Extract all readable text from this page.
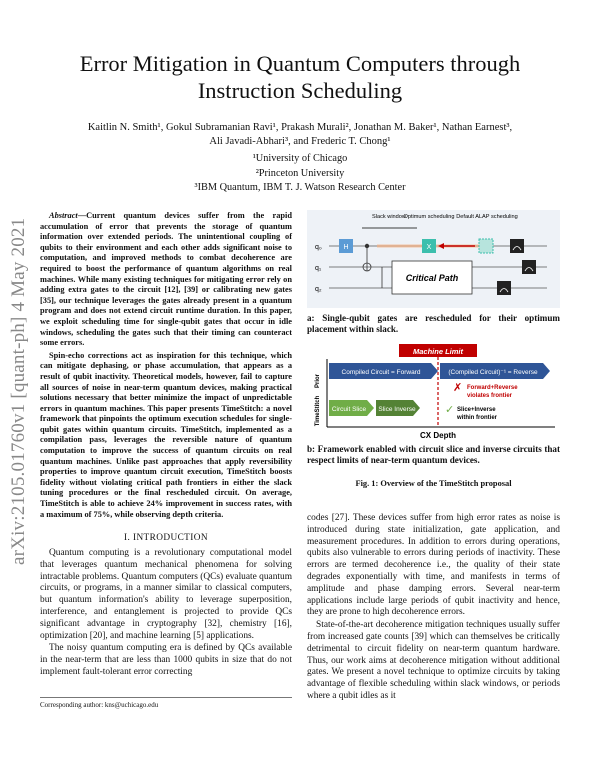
arXiv:2105.01760v1 [quant-ph] 4 May 2021
Error Mitigation in Quantum Computers through Instruction Scheduling
Kaitlin N. Smith¹, Gokul Subramanian Ravi¹, Prakash Murali², Jonathan M. Baker¹, Nathan Earnest³,
Ali Javadi-Abhari³, and Frederic T. Chong¹
¹University of Chicago
²Princeton University
³IBM Quantum, IBM T. J. Watson Research Center

Abstract—Current quantum devices suffer from the rapid accumulation of error that prevents the storage of quantum information over extended periods. The unintentional coupling of qubits to their environment and each other adds significant noise to computation, and improved methods to combat decoherence are required to boost the performance of quantum algorithms on real machines. While many existing techniques for mitigating error rely on adding extra gates to the circuit [12], [39] or calibrating new gates [35], our technique leverages the gates already present in a quantum program and does not extend circuit runtime duration. In this paper, we exploit scheduling time for single-qubit gates that occur in idle windows, scheduling the gates such that their timing can counteract some errors.

Spin-echo corrections act as inspiration for this technique, which can mitigate dephasing, or phase accumulation, that appears as a result of qubit inactivity. Theoretical models, however, fail to capture all sources of noise in near-term quantum devices, making practical solutions necessary that better minimize the impact of unpredictable errors in quantum machines. This paper presents TimeStitch: a novel framework that pinpoints the optimum execution schedules for single-qubit gates within quantum circuits. TimeStitch, implemented as a compilation pass, leverages the reversible nature of quantum computation to improve the success of quantum circuits on real quantum machines. Unlike past approaches that apply reversibility properties to improve quantum circuit execution, TimeStitch boosts fidelity without violating critical path frontiers in either the slack tuning procedures or the final rescheduled circuit. On average, TimeStitch is able to achieve 24% improvement in success rates, with a maximum of 75%, while observing depth criteria.

I. INTRODUCTION

Quantum computing is a revolutionary computational model that leverages quantum mechanical phenomena for solving intractable problems. Quantum computers (QCs) evaluate quantum circuits, or programs, in a manner similar to classical computers, but quantum information's ability to leverage superposition, interference, and entanglement is projected to provide QCs significant advantage in cryptography [32], chemistry [16], optimization [20], and machine learning [5] applications.

The noisy quantum computing era is defined by QCs available in the near-term that are less than 1000 qubits in size that do not implement fault-tolerant error correcting

Corresponding author: kns@uchicago.edu
Slack window
Optimum scheduling Default ALAP scheduling
q₀
q₁
q₂
H	X
Critical Path
a: Single-qubit gates are rescheduled for their optimum placement within slack.
Machine Limit
Prior
TimeStitch
Compiled Circuit = Forward	(Compiled Circuit)⁻¹ = Reverse
✗ Forward+Reverse
violates frontier
Circuit Slice Slice Inverse	✓ Slice+Inverse
within frontier
CX Depth
b: Framework enabled with circuit slice and inverse circuits that respect limits of near-term quantum devices.
Fig. 1: Overview of the TimeStitch proposal

codes [27]. These devices suffer from high error rates as noise is introduced during state initialization, gate application, and measurement procedures. In addition to errors during operations, qubits also vulnerable to errors during periods of inactivity. These errors are termed decoherence i.e., the quality of their state degrades exponentially with time, and manifests in terms of amplitude and phase damping errors. Several near-term applications include large periods of qubit inactivity and hence, they are prone to high decoherence errors.

State-of-the-art decoherence mitigation techniques usually suffer from increased gate counts [39] which can themselves be critically detrimental to circuit fidelity on near-term quantum hardware. Thus, our work aims at decoherence mitigation without additional gates. We present a novel technique to optimize circuits by taking advantage of flexible scheduling within slack windows, or periods where a qubit idles as it
